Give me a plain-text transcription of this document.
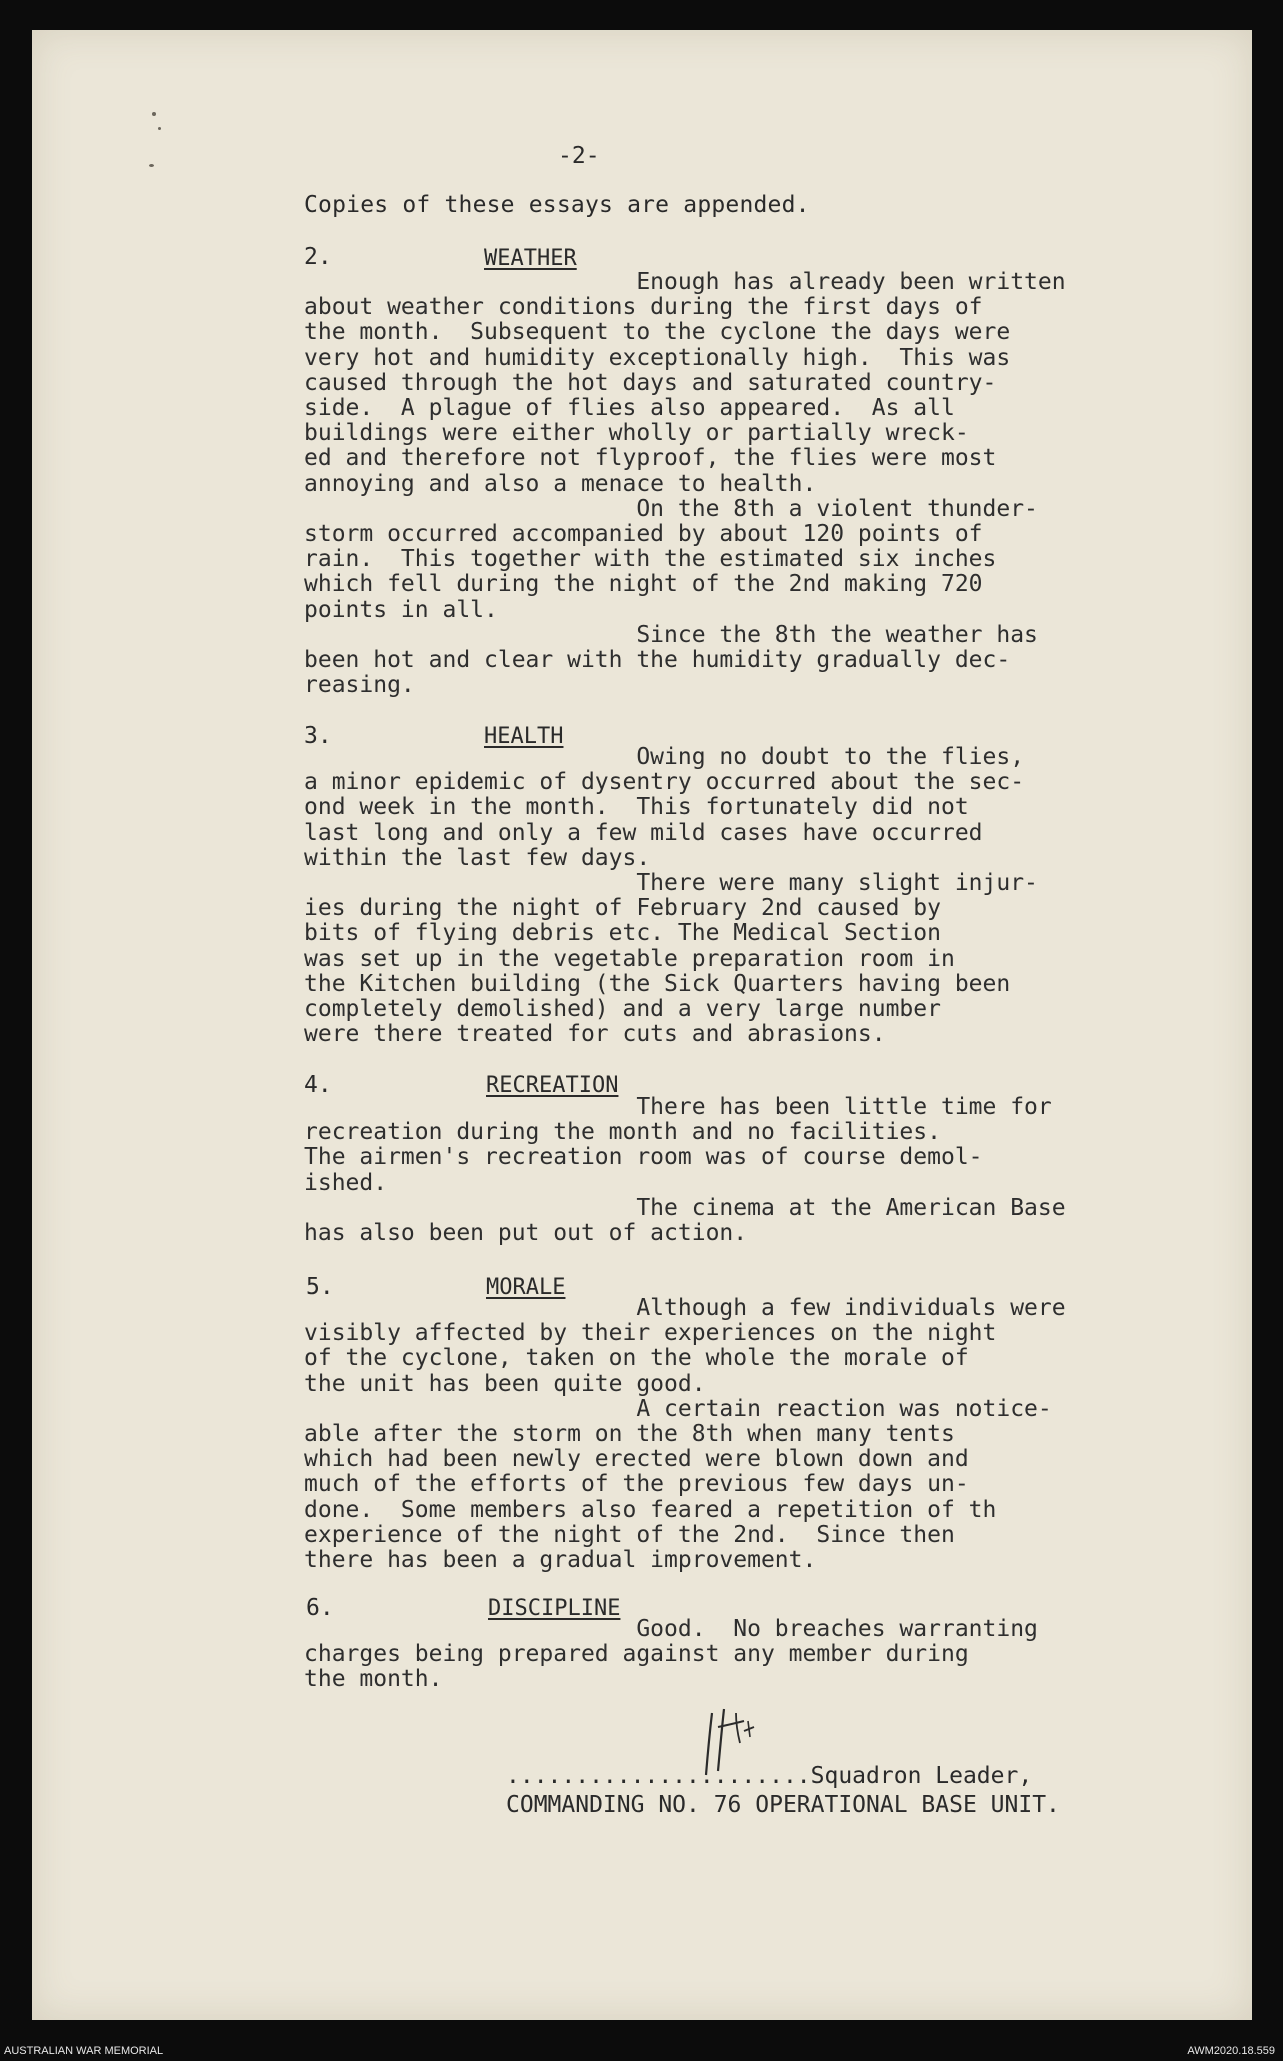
-2-
Copies of these essays are appended.
2.	WEATHER
Enough has already been written
about weather conditions during the first days of
the month.  Subsequent to the cyclone the days were
very hot and humidity exceptionally high.  This was
caused through the hot days and saturated country-
side.  A plague of flies also appeared.  As all
buildings were either wholly or partially wreck-
ed and therefore not flyproof, the flies were most
annoying and also a menace to health.
On the 8th a violent thunder-
storm occurred accompanied by about 120 points of
rain.  This together with the estimated six inches
which fell during the night of the 2nd making 720
points in all.
Since the 8th the weather has
been hot and clear with the humidity gradually dec-
reasing.
3.	HEALTH
Owing no doubt to the flies,
a minor epidemic of dysentry occurred about the sec-
ond week in the month.  This fortunately did not
last long and only a few mild cases have occurred
within the last few days.
There were many slight injur-
ies during the night of February 2nd caused by
bits of flying debris etc. The Medical Section
was set up in the vegetable preparation room in
the Kitchen building (the Sick Quarters having been
completely demolished) and a very large number
were there treated for cuts and abrasions.
4.	RECREATION
There has been little time for
recreation during the month and no facilities.
The airmen's recreation room was of course demol-
ished.
The cinema at the American Base
has also been put out of action.
5.	MORALE
Although a few individuals were
visibly affected by their experiences on the night
of the cyclone, taken on the whole the morale of
the unit has been quite good.
A certain reaction was notice-
able after the storm on the 8th when many tents
which had been newly erected were blown down and
much of the efforts of the previous few days un-
done.  Some members also feared a repetition of th
experience of the night of the 2nd.  Since then
there has been a gradual improvement.
6.	DISCIPLINE
Good.  No breaches warranting
charges being prepared against any member during
the month.
......................Squadron Leader,
COMMANDING NO. 76 OPERATIONAL BASE UNIT.
AUSTRALIAN WAR MEMORIAL	AWM2020.18.559
